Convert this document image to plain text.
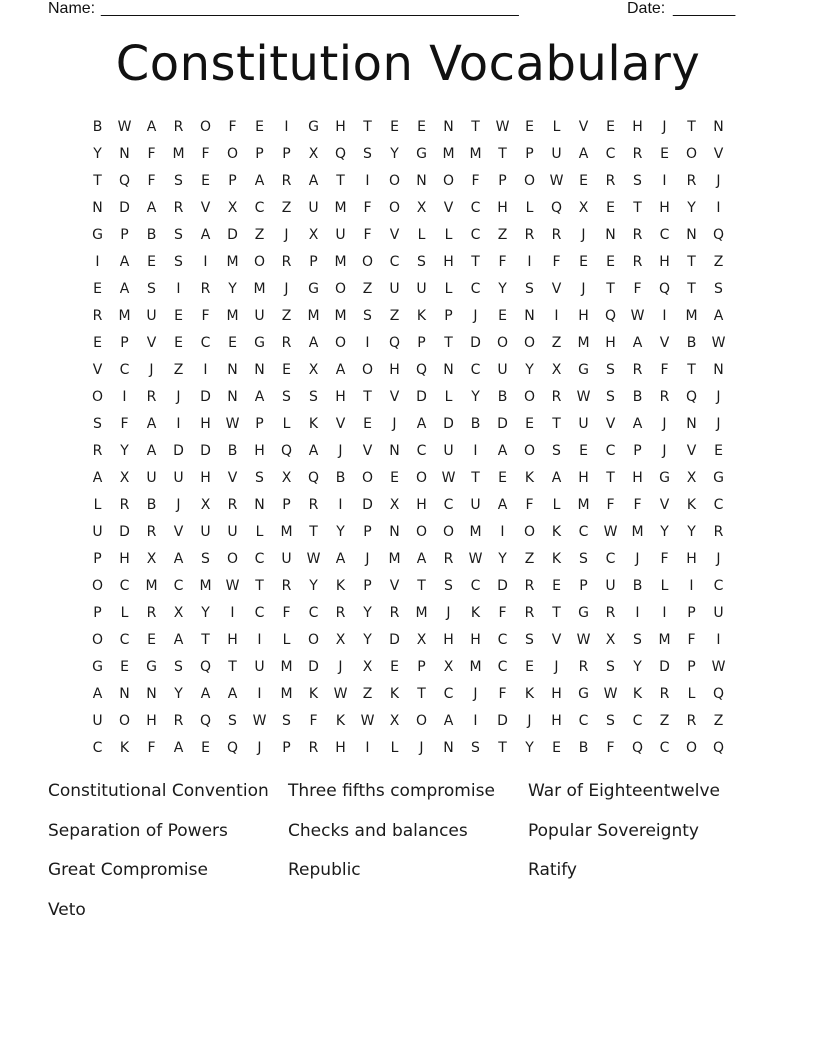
Name: ________________________________________________	Date: _______
Constitution Vocabulary
B	W	A	R	O	F	E	I	G	H	T	E	E	N	T	W	E	L	V	E	H	J	T	N
Y	N	F	M	F	O	P	P	X	Q	S	Y	G	M	M	T	P	U	A	C	R	E	O	V
T	Q	F	S	E	P	A	R	A	T	I	O	N	O	F	P	O	W	E	R	S	I	R	J
N	D	A	R	V	X	C	Z	U	M	F	O	X	V	C	H	L	Q	X	E	T	H	Y	I
G	P	B	S	A	D	Z	J	X	U	F	V	L	L	C	Z	R	R	J	N	R	C	N	Q
I	A	E	S	I	M	O	R	P	M	O	C	S	H	T	F	I	F	E	E	R	H	T	Z
E	A	S	I	R	Y	M	J	G	O	Z	U	U	L	C	Y	S	V	J	T	F	Q	T	S
R	M	U	E	F	M	U	Z	M	M	S	Z	K	P	J	E	N	I	H	Q	W	I	M	A
E	P	V	E	C	E	G	R	A	O	I	Q	P	T	D	O	O	Z	M	H	A	V	B	W
V	C	J	Z	I	N	N	E	X	A	O	H	Q	N	C	U	Y	X	G	S	R	F	T	N
O	I	R	J	D	N	A	S	S	H	T	V	D	L	Y	B	O	R	W	S	B	R	Q	J
S	F	A	I	H	W	P	L	K	V	E	J	A	D	B	D	E	T	U	V	A	J	N	J
R	Y	A	D	D	B	H	Q	A	J	V	N	C	U	I	A	O	S	E	C	P	J	V	E
A	X	U	U	H	V	S	X	Q	B	O	E	O	W	T	E	K	A	H	T	H	G	X	G
L	R	B	J	X	R	N	P	R	I	D	X	H	C	U	A	F	L	M	F	F	V	K	C
U	D	R	V	U	U	L	M	T	Y	P	N	O	O	M	I	O	K	C	W	M	Y	Y	R
P	H	X	A	S	O	C	U	W	A	J	M	A	R	W	Y	Z	K	S	C	J	F	H	J
O	C	M	C	M	W	T	R	Y	K	P	V	T	S	C	D	R	E	P	U	B	L	I	C
P	L	R	X	Y	I	C	F	C	R	Y	R	M	J	K	F	R	T	G	R	I	I	P	U
O	C	E	A	T	H	I	L	O	X	Y	D	X	H	H	C	S	V	W	X	S	M	F	I
G	E	G	S	Q	T	U	M	D	J	X	E	P	X	M	C	E	J	R	S	Y	D	P	W
A	N	N	Y	A	A	I	M	K	W	Z	K	T	C	J	F	K	H	G	W	K	R	L	Q
U	O	H	R	Q	S	W	S	F	K	W	X	O	A	I	D	J	H	C	S	C	Z	R	Z
C	K	F	A	E	Q	J	P	R	H	I	L	J	N	S	T	Y	E	B	F	Q	C	O	Q
Constitutional Convention	Three fifths compromise	War of Eighteentwelve
Separation of Powers	Checks and balances	Popular Sovereignty
Great Compromise	Republic	Ratify
Veto
